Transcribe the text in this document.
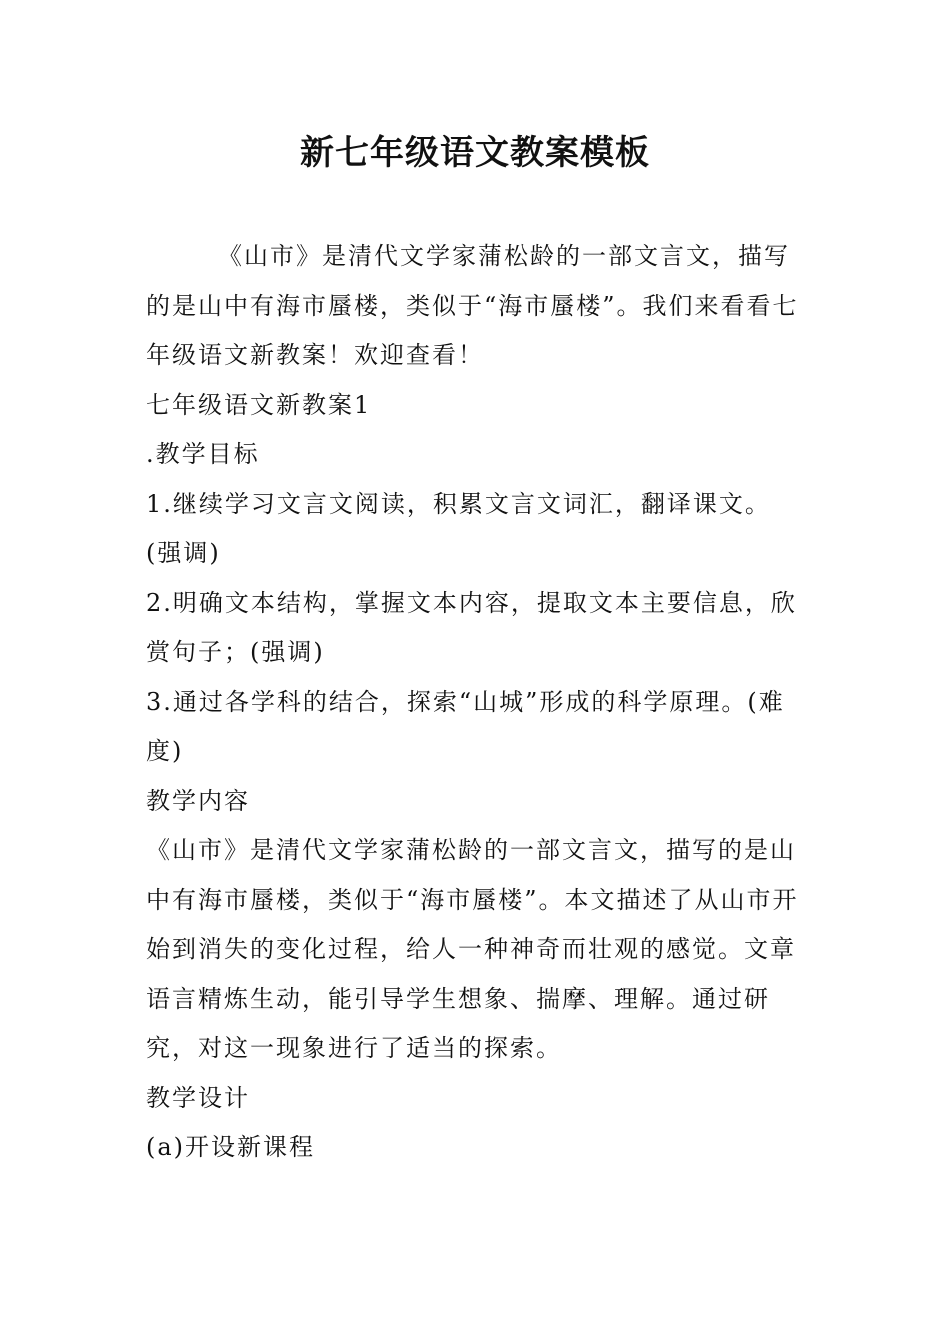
新七年级语文教案模板

《山市》是清代文学家蒲松龄的一部文言文，描写的是山中有海市蜃楼，类似于“海市蜃楼”。我们来看看七年级语文新教案！欢迎查看！

七年级语文新教案1

.教学目标

1.继续学习文言文阅读，积累文言文词汇，翻译课文。(强调)

2.明确文本结构，掌握文本内容，提取文本主要信息，欣赏句子；(强调)

3.通过各学科的结合，探索“山城”形成的科学原理。(难度)

教学内容

《山市》是清代文学家蒲松龄的一部文言文，描写的是山中有海市蜃楼，类似于“海市蜃楼”。本文描述了从山市开始到消失的变化过程，给人一种神奇而壮观的感觉。文章语言精炼生动，能引导学生想象、揣摩、理解。通过研究，对这一现象进行了适当的探索。

教学设计

(a)开设新课程
